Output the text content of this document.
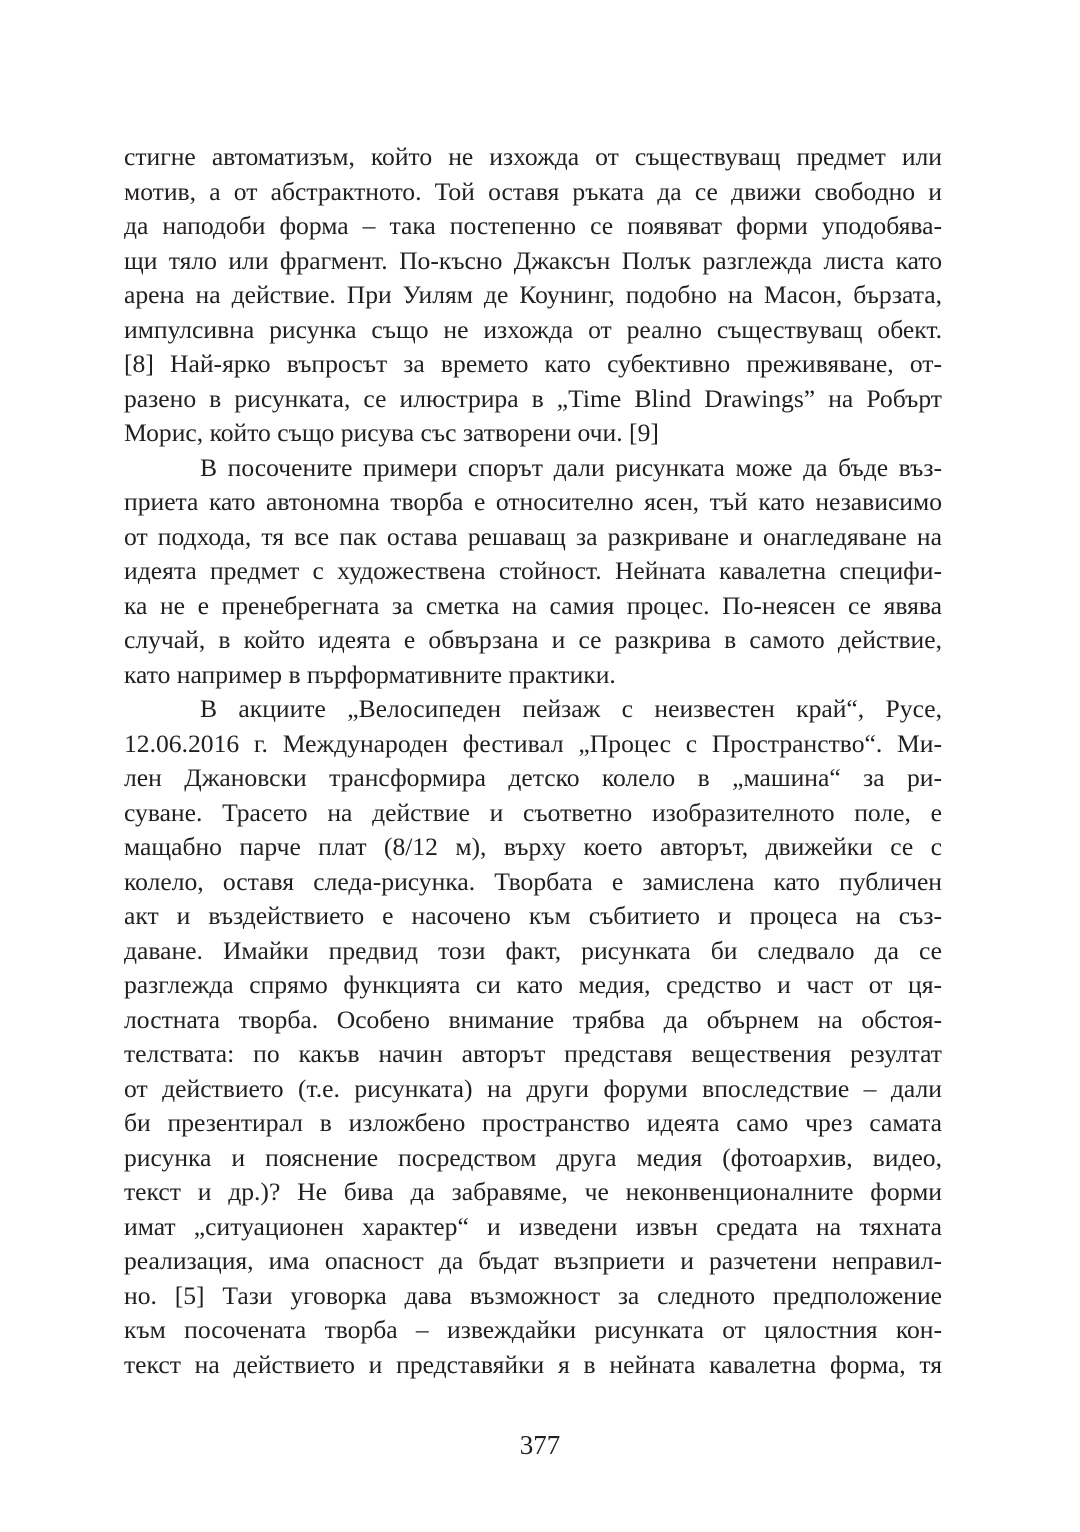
стигне автоматизъм, който не изхожда от съществуващ предмет или
мотив, а от абстрактното. Той оставя ръката да се движи свободно и
да наподоби форма – така постепенно се появяват форми уподобява-
щи тяло или фрагмент. По-късно Джаксън Полък разглежда листа като
арена на действие. При Уилям де Коунинг, подобно на Масон, бързата,
импулсивна рисунка също не изхожда от реално съществуващ обект.
[8] Най-ярко въпросът за времето като субективно преживяване, от-
разено в рисунката, се илюстрира в „Time Blind Drawings” на Робърт
Морис, който също рисува със затворени очи. [9]
В посочените примери спорът дали рисунката може да бъде въз-
приета като автономна творба е относително ясен, тъй като независимо
от подхода, тя все пак остава решаващ за разкриване и онагледяване на
идеята предмет с художествена стойност. Нейната кавалетна специфи-
ка не е пренебрегната за сметка на самия процес. По-неясен се явява
случай, в който идеята е обвързана и се разкрива в самото действие,
като например в пърформативните практики.
В акциите „Велосипеден пейзаж с неизвестен край“, Русе,
12.06.2016 г. Международен фестивал „Процес с Пространство“. Ми-
лен Джановски трансформира детско колело в „машина“ за ри-
суване. Трасето на действие и съответно изобразителното поле, е
мащабно парче плат (8/12 м), върху което авторът, движейки се с
колело, оставя следа-рисунка. Творбата е замислена като публичен
акт и въздействието е насочено към събитието и процеса на съз-
даване. Имайки предвид този факт, рисунката би следвало да се
разглежда спрямо функцията си като медия, средство и част от ця-
лостната творба. Особено внимание трябва да обърнем на обстоя-
телствата: по какъв начин авторът представя веществения резултат
от действието (т.е. рисунката) на други форуми впоследствие – дали
би презентирал в изложбено пространство идеята само чрез самата
рисунка и пояснение посредством друга медия (фотоархив, видео,
текст и др.)? Не бива да забравяме, че неконвенционалните форми
имат „ситуационен характер“ и изведени извън средата на тяхната
реализация, има опасност да бъдат възприети и разчетени неправил-
но. [5] Тази уговорка дава възможност за следното предположение
към посочената творба – извеждайки рисунката от цялостния кон-
текст на действието и представяйки я в нейната кавалетна форма, тя
377
